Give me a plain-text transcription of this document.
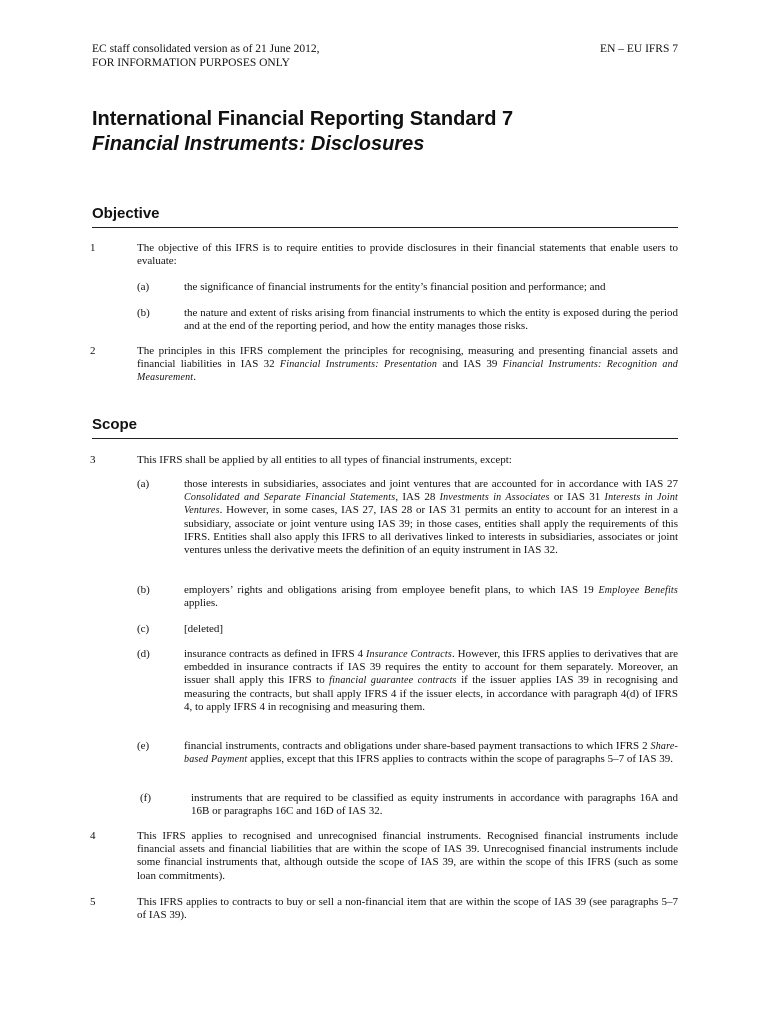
EC staff consolidated version as of 21 June 2012,
FOR INFORMATION PURPOSES ONLY
EN – EU IFRS 7
International Financial Reporting Standard 7
Financial Instruments: Disclosures
Objective
1	The objective of this IFRS is to require entities to provide disclosures in their financial statements that enable users to evaluate:
(a)	the significance of financial instruments for the entity’s financial position and performance; and
(b)	the nature and extent of risks arising from financial instruments to which the entity is exposed during the period and at the end of the reporting period, and how the entity manages those risks.
2	The principles in this IFRS complement the principles for recognising, measuring and presenting financial assets and financial liabilities in IAS 32 Financial Instruments: Presentation and IAS 39 Financial Instruments: Recognition and Measurement.
Scope
3	This IFRS shall be applied by all entities to all types of financial instruments, except:
(a)	those interests in subsidiaries, associates and joint ventures that are accounted for in accordance with IAS 27 Consolidated and Separate Financial Statements, IAS 28 Investments in Associates or IAS 31 Interests in Joint Ventures. However, in some cases, IAS 27, IAS 28 or IAS 31 permits an entity to account for an interest in a subsidiary, associate or joint venture using IAS 39; in those cases, entities shall apply the requirements of this IFRS. Entities shall also apply this IFRS to all derivatives linked to interests in subsidiaries, associates or joint ventures unless the derivative meets the definition of an equity instrument in IAS 32.
(b)	employers’ rights and obligations arising from employee benefit plans, to which IAS 19 Employee Benefits applies.
(c)	[deleted]
(d)	insurance contracts as defined in IFRS 4 Insurance Contracts. However, this IFRS applies to derivatives that are embedded in insurance contracts if IAS 39 requires the entity to account for them separately. Moreover, an issuer shall apply this IFRS to financial guarantee contracts if the issuer applies IAS 39 in recognising and measuring the contracts, but shall apply IFRS 4 if the issuer elects, in accordance with paragraph 4(d) of IFRS 4, to apply IFRS 4 in recognising and measuring them.
(e)	financial instruments, contracts and obligations under share-based payment transactions to which IFRS 2 Share-based Payment applies, except that this IFRS applies to contracts within the scope of paragraphs 5–7 of IAS 39.
(f)	instruments that are required to be classified as equity instruments in accordance with paragraphs 16A and 16B or paragraphs 16C and 16D of IAS 32.
4	This IFRS applies to recognised and unrecognised financial instruments. Recognised financial instruments include financial assets and financial liabilities that are within the scope of IAS 39. Unrecognised financial instruments include some financial instruments that, although outside the scope of IAS 39, are within the scope of this IFRS (such as some loan commitments).
5	This IFRS applies to contracts to buy or sell a non-financial item that are within the scope of IAS 39 (see paragraphs 5–7 of IAS 39).
